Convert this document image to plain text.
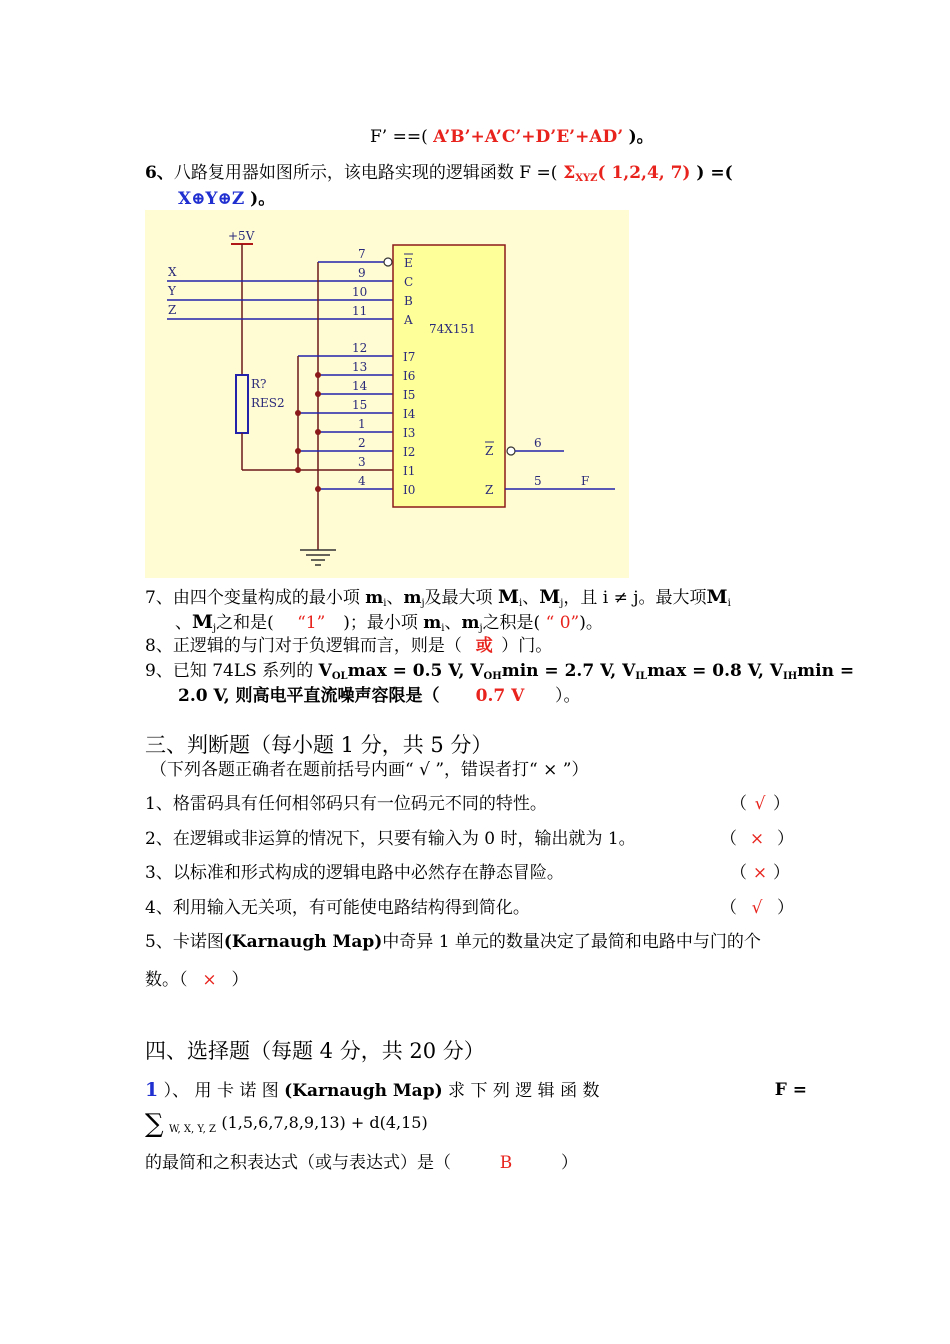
F’ ==( A’B’+A’C’+D’E’+AD’ )。
6、八路复用器如图所示，该电路实现的逻辑函数 F =( $\Sigma_{XYZ}$( 1,2,4, 7) ) =(
X⊕Y⊕Z )。
+5V
R?
RES2
X
Y
Z
7
9
10
11
12
13
14
15
1
2
3
4
74X151
E
C
B
A
I7
I6
I5
I4
I3
I2
I1
I0
Z
Z
6
5	F
7、由四个变量构成的最小项 $m_i$、$m_j$及最大项 $M_i$、$M_j$，且 i ≠ j。最大项$M_i$
、$M_j$之和是( “1” )；最小项 $m_i$、$m_j$之积是( “ 0”)。
8、正逻辑的与门对于负逻辑而言，则是（ 或 ）门。
9、已知 74LS 系列的 $V_{OL}\max = 0.5$ V, $V_{OH}\min = 2.7$ V, $V_{IL}\max = 0.8$ V, $V_{IH}\min$ =
2.0 V, 则高电平直流噪声容限是（ 0.7 V ）。
三、判断题（每小题 1 分，共 5 分）
（下列各题正确者在题前括号内画“ √ ”，错误者打“ × ”）
1、格雷码具有任何相邻码只有一位码元不同的特性。	（ √ ）
2、在逻辑或非运算的情况下，只要有输入为 0 时，输出就为 1。	（ × ）
3、以标准和形式构成的逻辑电路中必然存在静态冒险。	（ × ）
4、利用输入无关项，有可能使电路结构得到简化。	（ √ ）
5、卡诺图(Karnaugh Map)中奇异 1 单元的数量决定了最简和电路中与门的个
数。（ × ）
四、选择题（每题 4 分，共 20 分）
1 ）、 用 卡 诺 图 (Karnaugh Map) 求 下 列 逻 辑 函 数	F =
∑ $_{W, X, Y, Z}$ (1,5,6,7,8,9,13) + d(4,15)
的最简和之积表达式（或与表达式）是（	B	）
